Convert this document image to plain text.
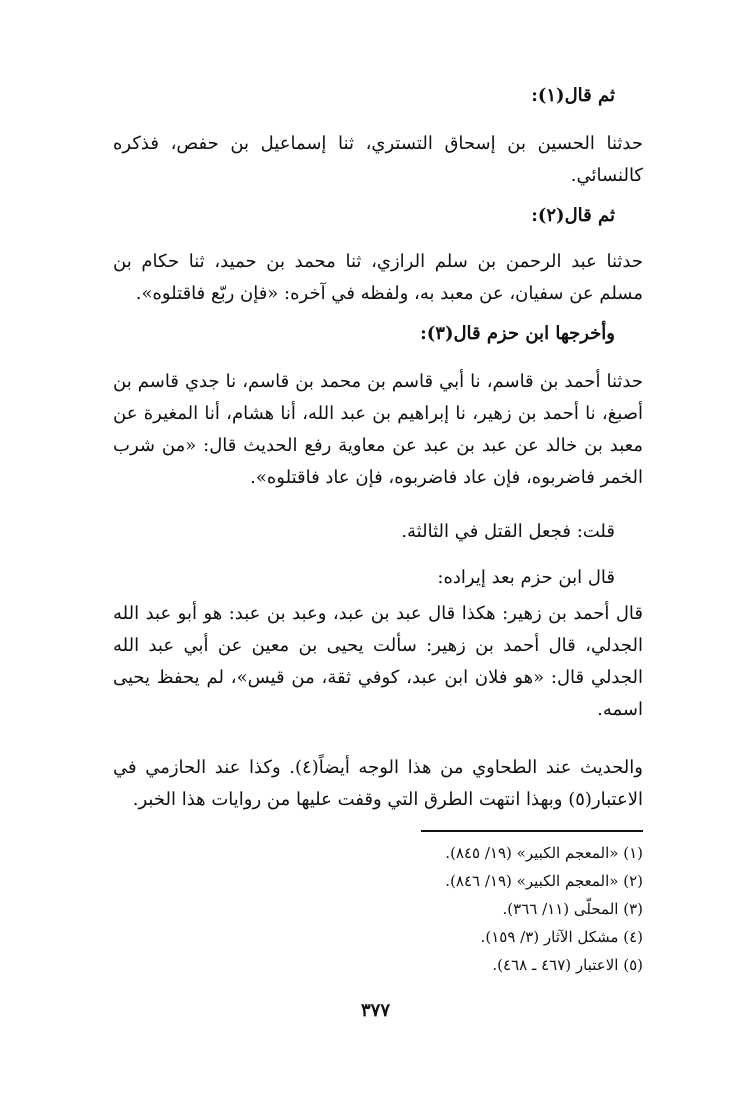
ثم قال(١):
حدثنا الحسين بن إسحاق التستري، ثنا إسماعيل بن حفص، فذكره كالنسائي.
ثم قال(٢):
حدثنا عبد الرحمن بن سلم الرازي، ثنا محمد بن حميد، ثنا حكام بن مسلم عن سفيان، عن معبد به، ولفظه في آخره: «فإن ربّع فاقتلوه».
وأخرجها ابن حزم قال(٣):
حدثنا أحمد بن قاسم، نا أبي قاسم بن محمد بن قاسم، نا جدي قاسم بن أصبغ، نا أحمد بن زهير، نا إبراهيم بن عبد الله، أنا هشام، أنا المغيرة عن معبد بن خالد عن عبد بن عبد عن معاوية رفع الحديث قال: «من شرب الخمر فاضربوه، فإن عاد فاضربوه، فإن عاد فاقتلوه».
قلت: فجعل القتل في الثالثة.
قال ابن حزم بعد إيراده:
قال أحمد بن زهير: هكذا قال عبد بن عبد، وعبد بن عبد: هو أبو عبد الله الجدلي، قال أحمد بن زهير: سألت يحيى بن معين عن أبي عبد الله الجدلي قال: «هو فلان ابن عبد، كوفي ثقة، من قيس»، لم يحفظ يحيى اسمه.
والحديث عند الطحاوي من هذا الوجه أيضاً(٤). وكذا عند الحازمي في الاعتبار(٥) وبهذا انتهت الطرق التي وقفت عليها من روايات هذا الخبر.
(١) «المعجم الكبير» (١٩/ ٨٤٥).
(٢) «المعجم الكبير» (١٩/ ٨٤٦).
(٣) المحلّى (١١/ ٣٦٦).
(٤) مشكل الآثار (٣/ ١٥٩).
(٥) الاعتبار (٤٦٧ ـ ٤٦٨).
٣٧٧
